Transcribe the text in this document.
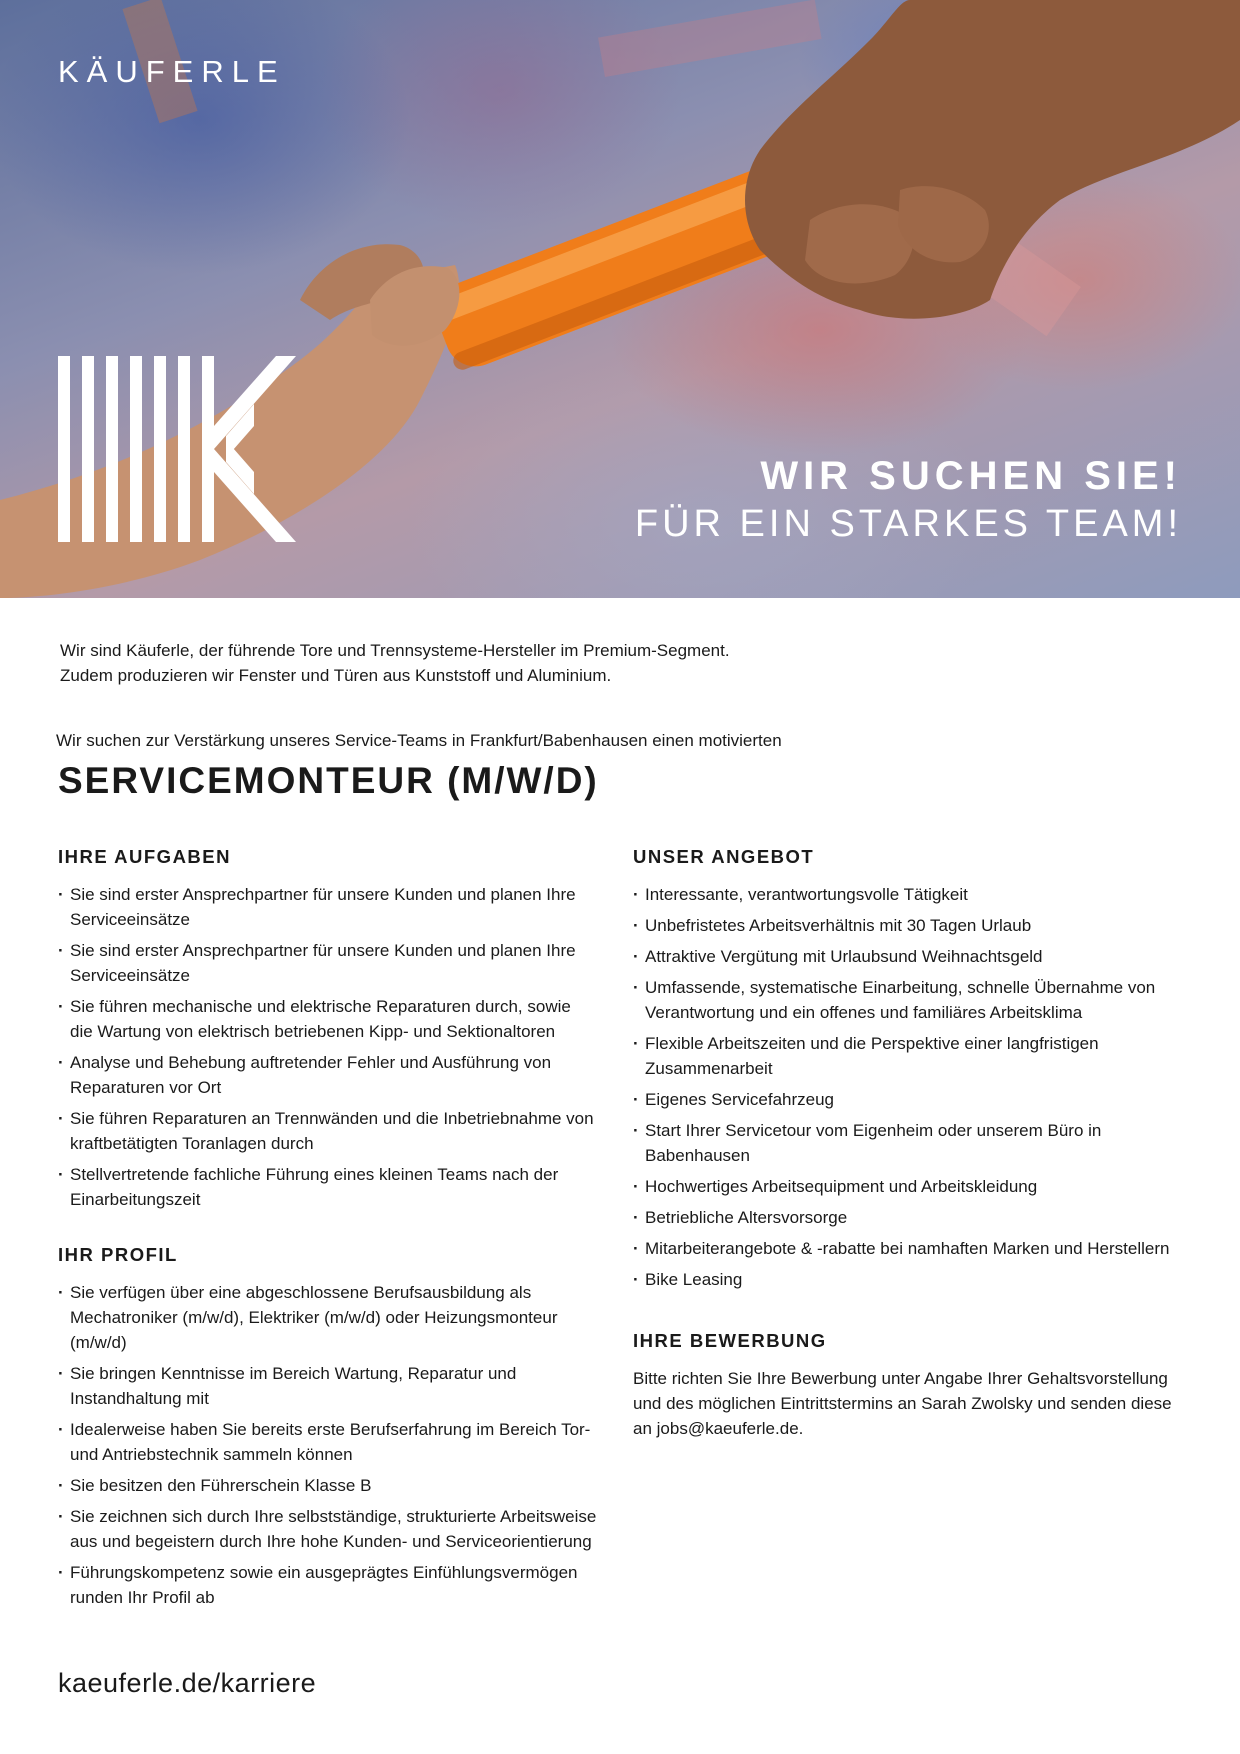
KÄUFERLE
WIR SUCHEN SIE!
FÜR EIN STARKES TEAM!

Wir sind Käuferle, der führende Tore und Trennsysteme-Hersteller im Premium-Segment.

Zudem produzieren wir Fenster und Türen aus Kunststoff und Aluminium.

Wir suchen zur Verstärkung unseres Service-Teams in Frankfurt/Babenhausen einen motivierten
SERVICEMONTEUR (M/W/D)
IHRE AUFGABEN
· Sie sind erster Ansprechpartner für unsere Kunden und planen Ihre Serviceeinsätze
· Sie sind erster Ansprechpartner für unsere Kunden und planen Ihre Serviceeinsätze
· Sie führen mechanische und elektrische Reparaturen durch, sowie die Wartung von elektrisch betriebenen Kipp- und Sektionaltoren
· Analyse und Behebung auftretender Fehler und Ausführung von Reparaturen vor Ort
· Sie führen Reparaturen an Trennwänden und die Inbetriebnahme von kraftbetätigten Toranlagen durch
· Stellvertretende fachliche Führung eines kleinen Teams nach der Einarbeitungszeit
IHR PROFIL
· Sie verfügen über eine abgeschlossene Berufsausbildung als Mechatroniker (m/w/d), Elektriker (m/w/d) oder Heizungsmonteur (m/w/d)
· Sie bringen Kenntnisse im Bereich Wartung, Reparatur und Instandhaltung mit
· Idealerweise haben Sie bereits erste Berufserfahrung im Bereich Tor- und Antriebstechnik sammeln können
· Sie besitzen den Führerschein Klasse B
· Sie zeichnen sich durch Ihre selbstständige, strukturierte Arbeitsweise aus und begeistern durch Ihre hohe Kunden- und Serviceorientierung
· Führungskompetenz sowie ein ausgeprägtes Einfühlungsvermögen runden Ihr Profil ab
UNSER ANGEBOT
· Interessante, verantwortungsvolle Tätigkeit
· Unbefristetes Arbeitsverhältnis mit 30 Tagen Urlaub
· Attraktive Vergütung mit Urlaubsund Weihnachtsgeld
· Umfassende, systematische Einarbeitung, schnelle Übernahme von Verantwortung und ein offenes und familiäres Arbeitsklima
· Flexible Arbeitszeiten und die Perspektive einer langfristigen Zusammenarbeit
· Eigenes Servicefahrzeug
· Start Ihrer Servicetour vom Eigenheim oder unserem Büro in Babenhausen
· Hochwertiges Arbeitsequipment und Arbeitskleidung
· Betriebliche Altersvorsorge
· Mitarbeiterangebote & -rabatte bei namhaften Marken und Herstellern
· Bike Leasing
IHRE BEWERBUNG

Bitte richten Sie Ihre Bewerbung unter Angabe Ihrer Gehaltsvorstellung und des möglichen Eintrittstermins an Sarah Zwolsky und senden diese an jobs@kaeuferle.de.

kaeuferle.de/karriere
